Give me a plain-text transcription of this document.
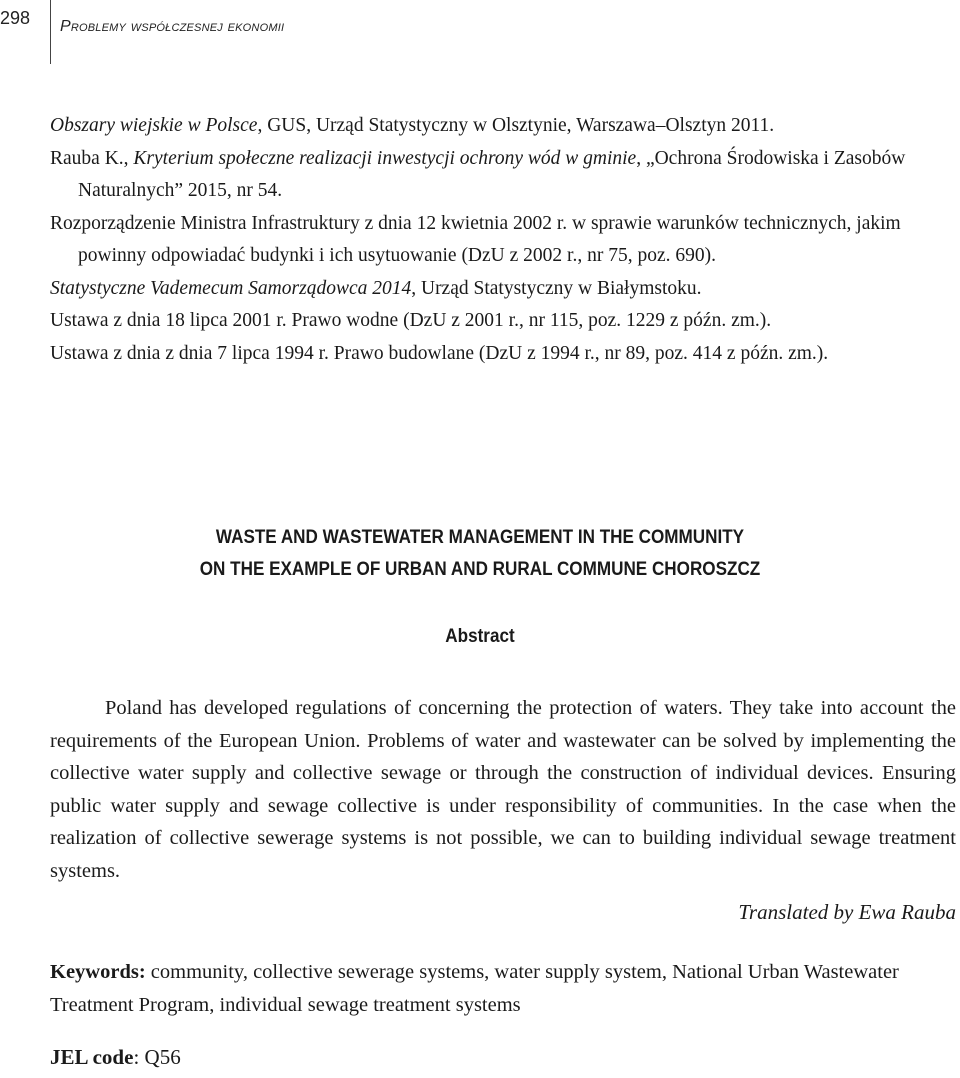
298 Problemy współczesnej ekonomii

Obszary wiejskie w Polsce, GUS, Urząd Statystyczny w Olsztynie, Warszawa–Olsztyn 2011.

Rauba K., Kryterium społeczne realizacji inwestycji ochrony wód w gminie, „Ochrona Środowiska i Zasobów Naturalnych” 2015, nr 54.

Rozporządzenie Ministra Infrastruktury z dnia 12 kwietnia 2002 r. w sprawie warunków technicznych, jakim powinny odpowiadać budynki i ich usytuowanie (DzU z 2002 r., nr 75, poz. 690).

Statystyczne Vademecum Samorządowca 2014, Urząd Statystyczny w Białymstoku.

Ustawa z dnia 18 lipca 2001 r. Prawo wodne (DzU z 2001 r., nr 115, poz. 1229 z późn. zm.).

Ustawa z dnia z dnia 7 lipca 1994 r. Prawo budowlane (DzU z 1994 r., nr 89, poz. 414 z późn. zm.).

WASTE AND WASTEWATER MANAGEMENT IN THE COMMUNITY
ON THE EXAMPLE OF URBAN AND RURAL COMMUNE CHOROSZCZ
Abstract

Poland has developed regulations of concerning the protection of waters. They take into account the requirements of the European Union. Problems of water and wastewater can be solved by implementing the collective water supply and collective sewage or through the construction of individual devices. Ensuring public water supply and sewage collective is under responsibility of communities. In the case when the realization of collective sewerage systems is not possible, we can to building individual sewage treatment systems.

Translated by Ewa Rauba

Keywords: community, collective sewerage systems, water supply system, National Urban Wastewater Treatment Program, individual sewage treatment systems

JEL code: Q56
